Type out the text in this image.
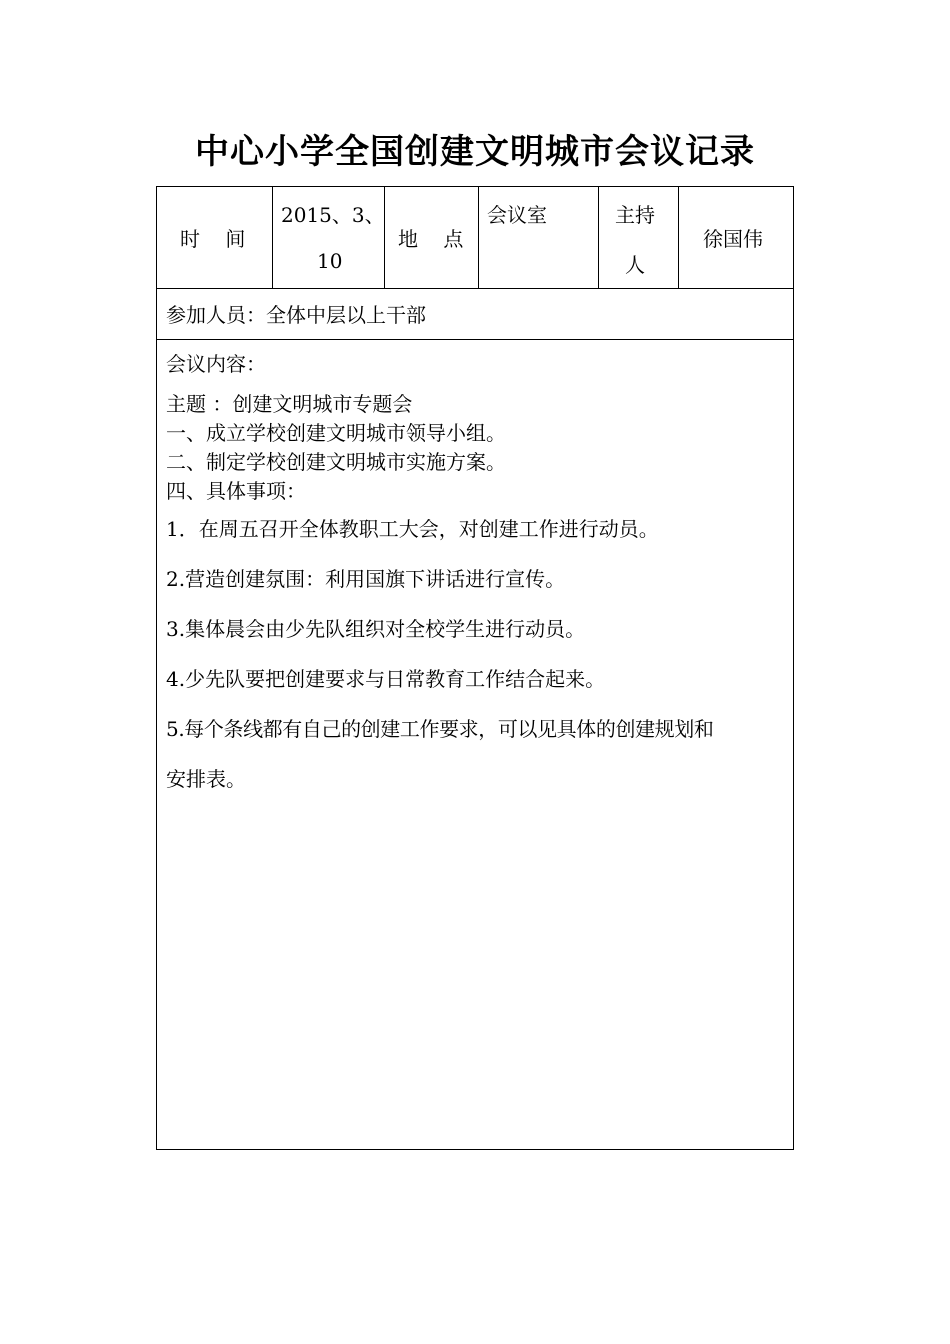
中心小学全国创建文明城市会议记录
时    间
2015、3、
10
地    点
会议室	主持
人
徐国伟
参加人员：全体中层以上干部
会议内容：
主题 ：创建文明城市专题会
一、成立学校创建文明城市领导小组。
二、制定学校创建文明城市实施方案。
四、具体事项：
1．在周五召开全体教职工大会，对创建工作进行动员。
2.营造创建氛围：利用国旗下讲话进行宣传。
3.集体晨会由少先队组织对全校学生进行动员。
4.少先队要把创建要求与日常教育工作结合起来。
5.每个条线都有自己的创建工作要求，可以见具体的创建规划和
安排表。
